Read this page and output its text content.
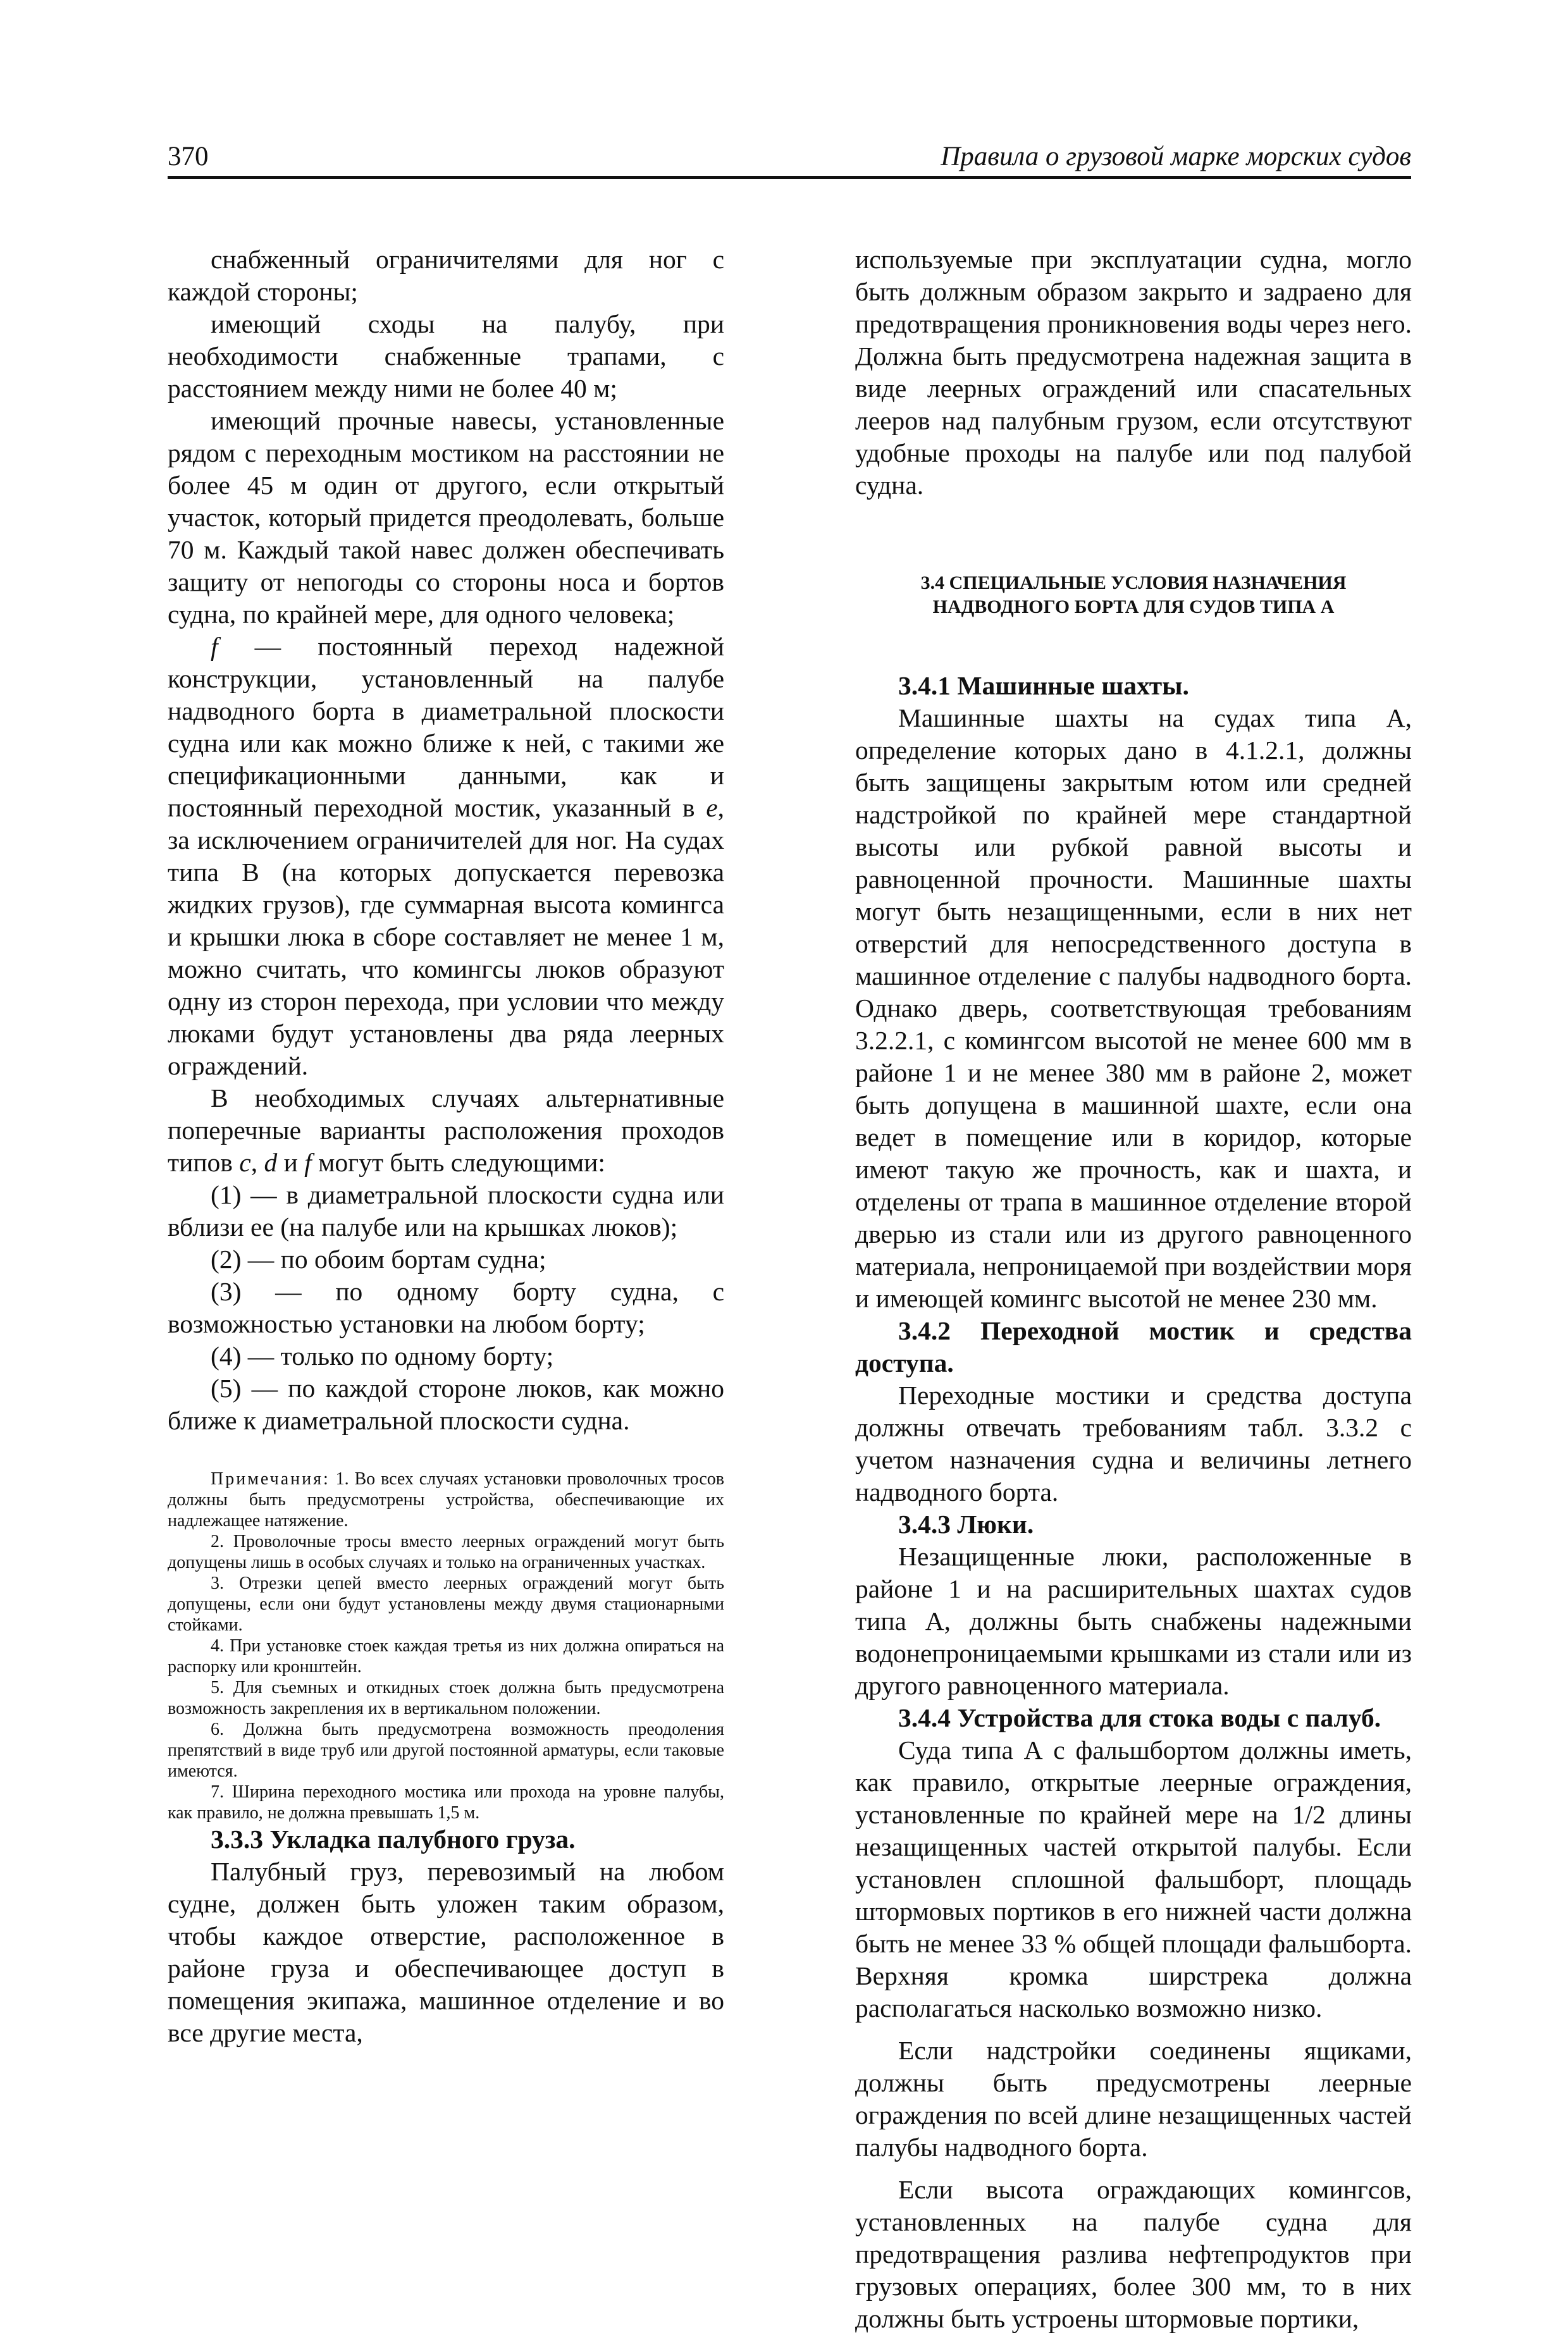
370	Правила о грузовой марке морских судов

снабженный ограничителями для ног с каждой стороны;

имеющий сходы на палубу, при необходимости снабженные трапами, с расстоянием между ними не более 40 м;

имеющий прочные навесы, установленные рядом с переходным мостиком на расстоянии не более 45 м один от другого, если открытый участок, который придется преодолевать, больше 70 м. Каждый такой навес должен обеспечивать защиту от непогоды со стороны носа и бортов судна, по крайней мере, для одного человека;

f — постоянный переход надежной конструкции, установленный на палубе надводного борта в диаметральной плоскости судна или как можно ближе к ней, с такими же спецификационными данными, как и постоянный переходной мостик, указанный в e, за исключением ограничителей для ног. На судах типа В (на которых допускается перевозка жидких грузов), где суммарная высота комингса и крышки люка в сборе составляет не менее 1 м, можно считать, что комингсы люков образуют одну из сторон перехода, при условии что между люками будут установлены два ряда леерных ограждений.

В необходимых случаях альтернативные поперечные варианты расположения проходов типов c, d и f могут быть следующими:

(1) — в диаметральной плоскости судна или вблизи ее (на палубе или на крышках люков);

(2) — по обоим бортам судна;

(3) — по одному борту судна, с возможностью установки на любом борту;

(4) — только по одному борту;

(5) — по каждой стороне люков, как можно ближе к диаметральной плоскости судна.

Примечания: 1. Во всех случаях установки проволочных тросов должны быть предусмотрены устройства, обеспечивающие их надлежащее натяжение.

2. Проволочные тросы вместо леерных ограждений могут быть допущены лишь в особых случаях и только на ограниченных участках.

3. Отрезки цепей вместо леерных ограждений могут быть допущены, если они будут установлены между двумя стационарными стойками.

4. При установке стоек каждая третья из них должна опираться на распорку или кронштейн.

5. Для съемных и откидных стоек должна быть предусмотрена возможность закрепления их в вертикальном положении.

6. Должна быть предусмотрена возможность преодоления препятствий в виде труб или другой постоянной арматуры, если таковые имеются.

7. Ширина переходного мостика или прохода на уровне палубы, как правило, не должна превышать 1,5 м.

3.3.3 Укладка палубного груза.

Палубный груз, перевозимый на любом судне, должен быть уложен таким образом, чтобы каждое отверстие, расположенное в районе груза и обеспечивающее доступ в помещения экипажа, машинное отделение и во все другие места,

используемые при эксплуатации судна, могло быть должным образом закрыто и задраено для предотвращения проникновения воды через него. Должна быть предусмотрена надежная защита в виде леерных ограждений или спасательных лееров над палубным грузом, если отсутствуют удобные проходы на палубе или под палубой судна.

3.4 СПЕЦИАЛЬНЫЕ УСЛОВИЯ НАЗНАЧЕНИЯ
НАДВОДНОГО БОРТА ДЛЯ СУДОВ ТИПА А

3.4.1 Машинные шахты.

Машинные шахты на судах типа А, определение которых дано в 4.1.2.1, должны быть защищены закрытым ютом или средней надстройкой по крайней мере стандартной высоты или рубкой равной высоты и равноценной прочности. Машинные шахты могут быть незащищенными, если в них нет отверстий для непосредственного доступа в машинное отделение с палубы надводного борта. Однако дверь, соответствующая требованиям 3.2.2.1, с комингсом высотой не менее 600 мм в районе 1 и не менее 380 мм в районе 2, может быть допущена в машинной шахте, если она ведет в помещение или в коридор, которые имеют такую же прочность, как и шахта, и отделены от трапа в машинное отделение второй дверью из стали или из другого равноценного материала, непроницаемой при воздействии моря и имеющей комингс высотой не менее 230 мм.

3.4.2 Переходной мостик и средства доступа.

Переходные мостики и средства доступа должны отвечать требованиям табл. 3.3.2 с учетом назначения судна и величины летнего надводного борта.

3.4.3 Люки.

Незащищенные люки, расположенные в районе 1 и на расширительных шахтах судов типа А, должны быть снабжены надежными водонепроницаемыми крышками из стали или из другого равноценного материала.

3.4.4 Устройства для стока воды с палуб.

Суда типа А с фальшбортом должны иметь, как правило, открытые леерные ограждения, установленные по крайней мере на 1/2 длины незащищенных частей открытой палубы. Если установлен сплошной фальшборт, площадь штормовых портиков в его нижней части должна быть не менее 33 % общей площади фальшборта. Верхняя кромка ширстрека должна располагаться насколько возможно низко.

Если надстройки соединены ящиками, должны быть предусмотрены леерные ограждения по всей длине незащищенных частей палубы надводного борта.

Если высота ограждающих комингсов, установленных на палубе судна для предотвращения разлива нефтепродуктов при грузовых операциях, более 300 мм, то в них должны быть устроены штормовые портики,
